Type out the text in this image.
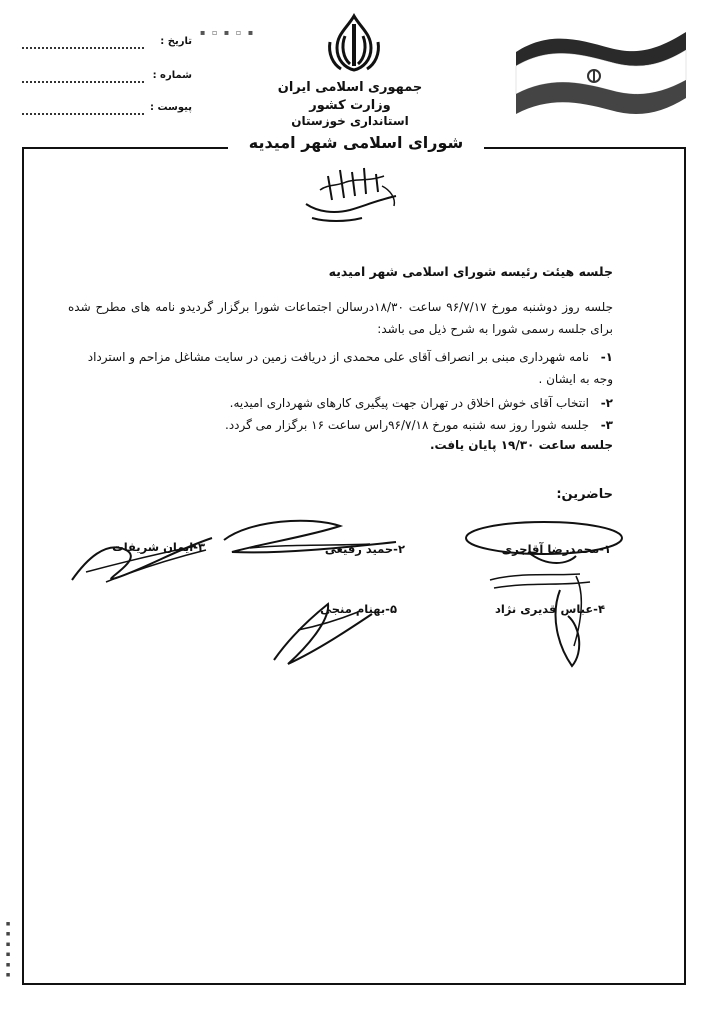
تاریخ :
شماره :
پیوست :
▪ ▫ ▪ ▫ ▪
جمهوری اسلامی ایران
وزارت کشور
استانداری خوزستان
شورای اسلامی شهر امیدیه
جلسه هیئت رئیسه شورای اسلامی شهر امیدیه
جلسه روز دوشنبه مورخ ۹۶/۷/۱۷ ساعت ۱۸/۳۰درسالن اجتماعات شورا برگزار گردیدو نامه های مطرح شده برای جلسه رسمی شورا به شرح ذیل می باشد:
۱-نامه شهرداری مبنی بر انصراف آقای علی محمدی از دریافت زمین در سایت مشاغل مزاحم و استرداد وجه به ایشان .
۲-انتخاب آقای خوش اخلاق در تهران جهت پیگیری کارهای شهرداری امیدیه.
۳-جلسه شورا روز سه شنبه مورخ ۹۶/۷/۱۸راس ساعت ۱۶ برگزار می گردد.
جلسه ساعت ۱۹/۳۰ پایان یافت.
حاضرین:
۱-محمدرضا آقاجری
۲-حمید رفیعی
۳-ایمان شریفات
۴-عباس قدیری نژاد
۵-بهنام منجی
▪ ▪ ▪ ▪ ▪ ▪
